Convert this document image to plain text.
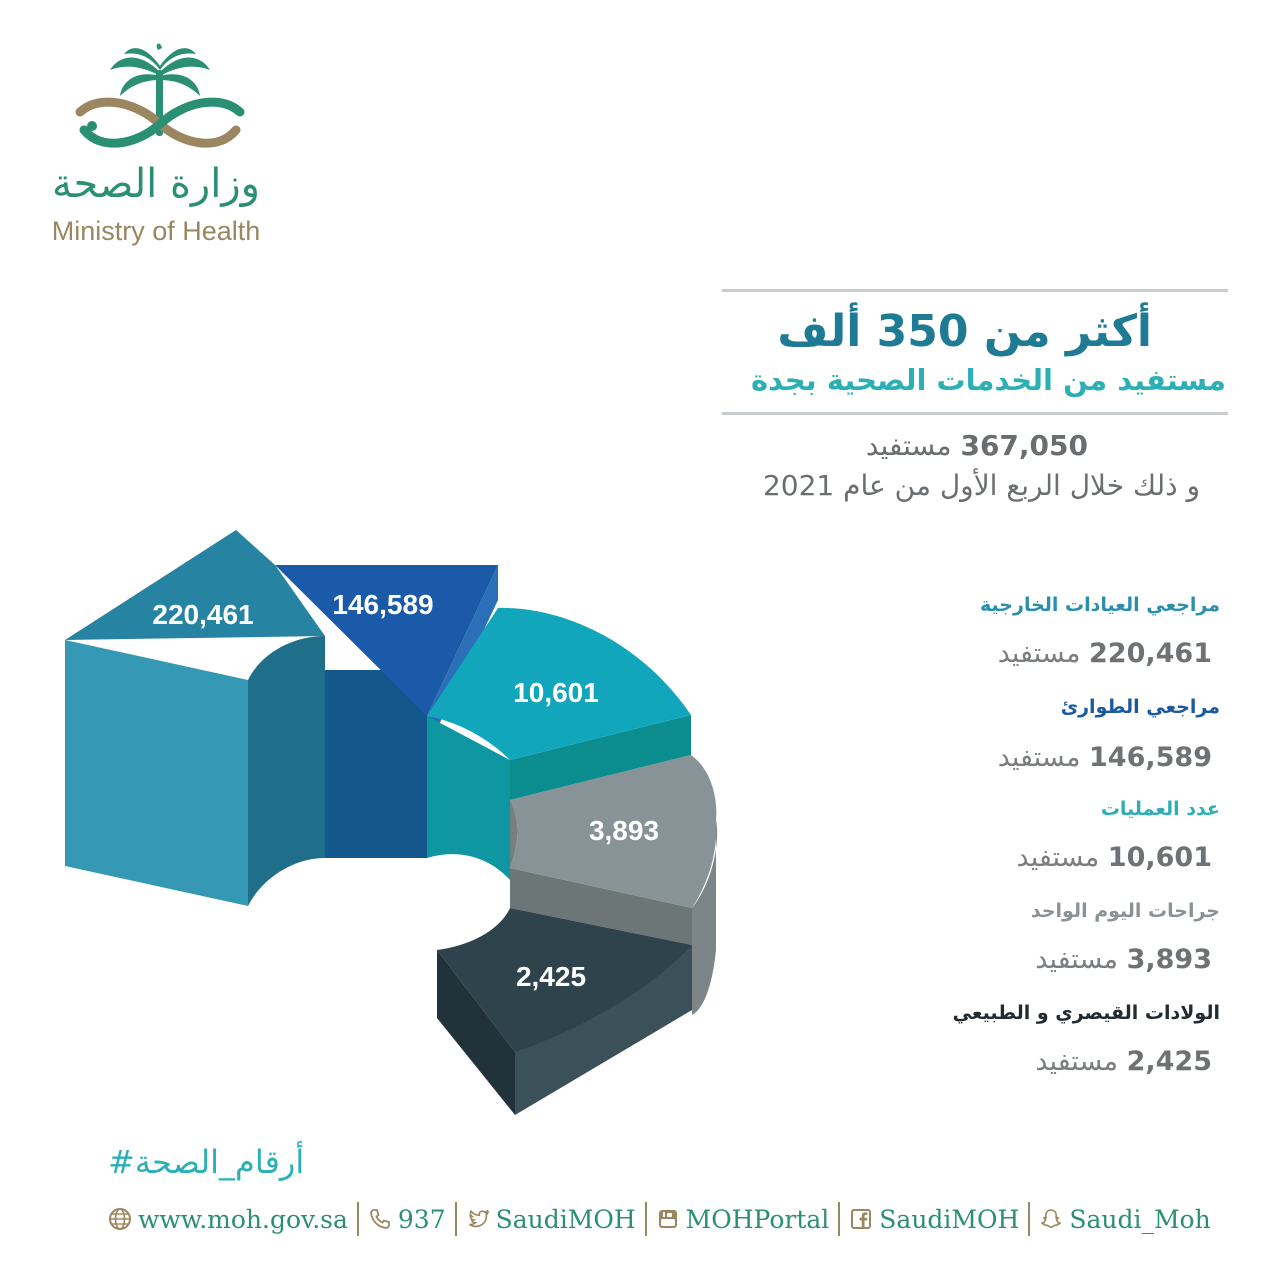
وزارة الصحة
Ministry of Health
أكثر من 350 ألف
مستفيد من الخدمات الصحية بجدة
367,050 مستفيد
و ذلك خلال الربع الأول من عام 2021
مراجعي العيادات الخارجية
220,461 مستفيد
مراجعي الطوارئ
146,589 مستفيد
عدد العمليات
10,601 مستفيد
جراحات اليوم الواحد
3,893 مستفيد
الولادات القيصري و الطبيعي
2,425 مستفيد
220,461	146,589
10,601
3,893
2,425
#أرقام_الصحة
www.moh.gov.sa 937 SaudiMOH MOHPortal SaudiMOH Saudi_Moh
